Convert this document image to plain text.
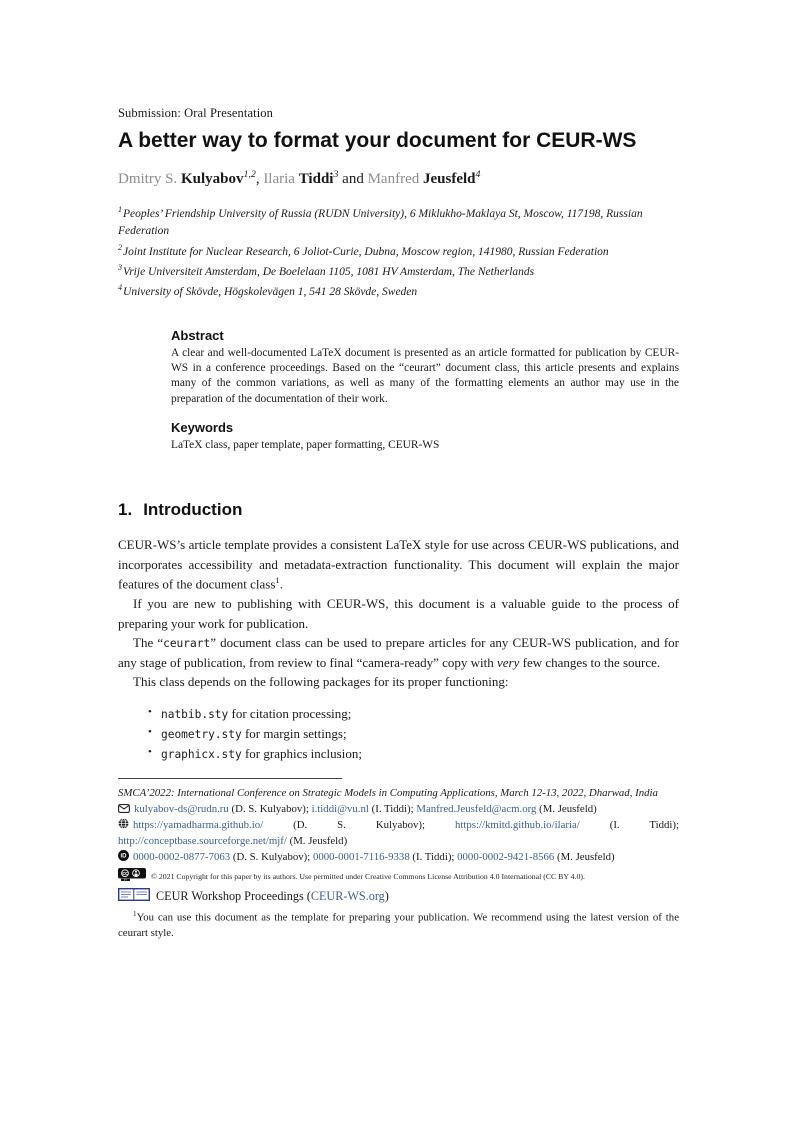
Submission: Oral Presentation
A better way to format your document for CEUR-WS
Dmitry S. Kulyabov$^{1,2}$, Ilaria Tiddi$^3$ and Manfred Jeusfeld$^4$
$^1$Peoples’ Friendship University of Russia (RUDN University), 6 Miklukho-Maklaya St, Moscow, 117198, Russian Federation
$^2$Joint Institute for Nuclear Research, 6 Joliot-Curie, Dubna, Moscow region, 141980, Russian Federation
$^3$Vrije Universiteit Amsterdam, De Boelelaan 1105, 1081 HV Amsterdam, The Netherlands
$^4$University of Skövde, Högskolevägen 1, 541 28 Skövde, Sweden
Abstract
A clear and well-documented LaTeX document is presented as an article formatted for publication by CEUR-WS in a conference proceedings. Based on the “ceurart” document class, this article presents and explains many of the common variations, as well as many of the formatting elements an author may use in the preparation of the documentation of their work.
Keywords
LaTeX class, paper template, paper formatting, CEUR-WS
1. Introduction

CEUR-WS’s article template provides a consistent LaTeX style for use across CEUR-WS publications, and incorporates accessibility and metadata-extraction functionality. This document will explain the major features of the document class$^1$.

If you are new to publishing with CEUR-WS, this document is a valuable guide to the process of preparing your work for publication.

The “ceurart” document class can be used to prepare articles for any CEUR-WS publication, and for any stage of publication, from review to final “camera-ready” copy with very few changes to the source.

This class depends on the following packages for its proper functioning:

• natbib.sty for citation processing;
• geometry.sty for margin settings;
• graphicx.sty for graphics inclusion;
SMCA’2022: International Conference on Strategic Models in Computing Applications, March 12-13, 2022, Dharwad, India
kulyabov-ds@rudn.ru (D. S. Kulyabov); i.tiddi@vu.nl (I. Tiddi); Manfred.Jeusfeld@acm.org (M. Jeusfeld)
https://yamadharma.github.io/ (D. S. Kulyabov); https://kmitd.github.io/ilaria/ (I. Tiddi); http://conceptbase.sourceforge.net/mjf/ (M. Jeusfeld)
iD 0000-0002-0877-7063 (D. S. Kulyabov); 0000-0001-7116-9338 (I. Tiddi); 0000-0002-9421-8566 (M. Jeusfeld)
cc
BY	© 2021 Copyright for this paper by its authors. Use permitted under Creative Commons License Attribution 4.0 International (CC BY 4.0).
CEUR Workshop Proceedings (CEUR-WS.org)
$^1$You can use this document as the template for preparing your publication. We recommend using the latest version of the ceurart style.
